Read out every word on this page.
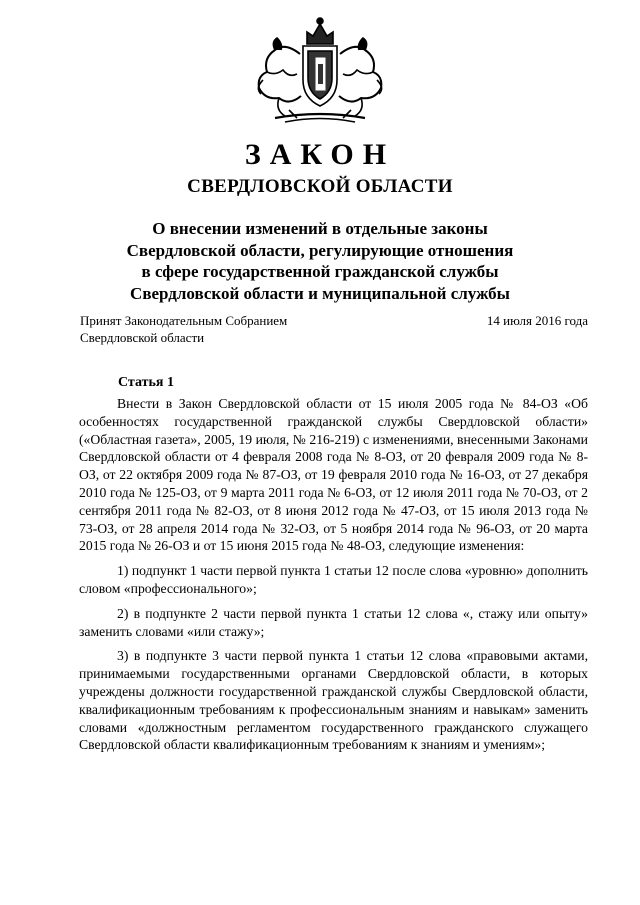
ЗАКОН
СВЕРДЛОВСКОЙ ОБЛАСТИ
О внесении изменений в отдельные законы
Свердловской области, регулирующие отношения
в сфере государственной гражданской службы
Свердловской области и муниципальной службы
Принят Законодательным Собранием
Свердловской области
14 июля 2016 года
Статья 1

Внести в Закон Свердловской области от 15 июля 2005 года № 84-ОЗ «Об особенностях государственной гражданской службы Свердловской области» («Областная газета», 2005, 19 июля, № 216-219) с изменениями, внесенными Законами Свердловской области от 4 февраля 2008 года № 8-ОЗ, от 20 февраля 2009 года № 8-ОЗ, от 22 октября 2009 года № 87-ОЗ, от 19 февраля 2010 года № 16-ОЗ, от 27 декабря 2010 года № 125-ОЗ, от 9 марта 2011 года № 6-ОЗ, от 12 июля 2011 года № 70-ОЗ, от 2 сентября 2011 года № 82-ОЗ, от 8 июня 2012 года № 47-ОЗ, от 15 июля 2013 года № 73-ОЗ, от 28 апреля 2014 года № 32-ОЗ, от 5 ноября 2014 года № 96-ОЗ, от 20 марта 2015 года № 26-ОЗ и от 15 июня 2015 года № 48-ОЗ, следующие изменения:

1) подпункт 1 части первой пункта 1 статьи 12 после слова «уровню» дополнить словом «профессионального»;

2) в подпункте 2 части первой пункта 1 статьи 12 слова «, стажу или опыту» заменить словами «или стажу»;

3) в подпункте 3 части первой пункта 1 статьи 12 слова «правовыми актами, принимаемыми государственными органами Свердловской области, в которых учреждены должности государственной гражданской службы Свердловской области, квалификационным требованиям к профессиональным знаниям и навыкам» заменить словами «должностным регламентом государственного гражданского служащего Свердловской области квалификационным требованиям к знаниям и умениям»;
